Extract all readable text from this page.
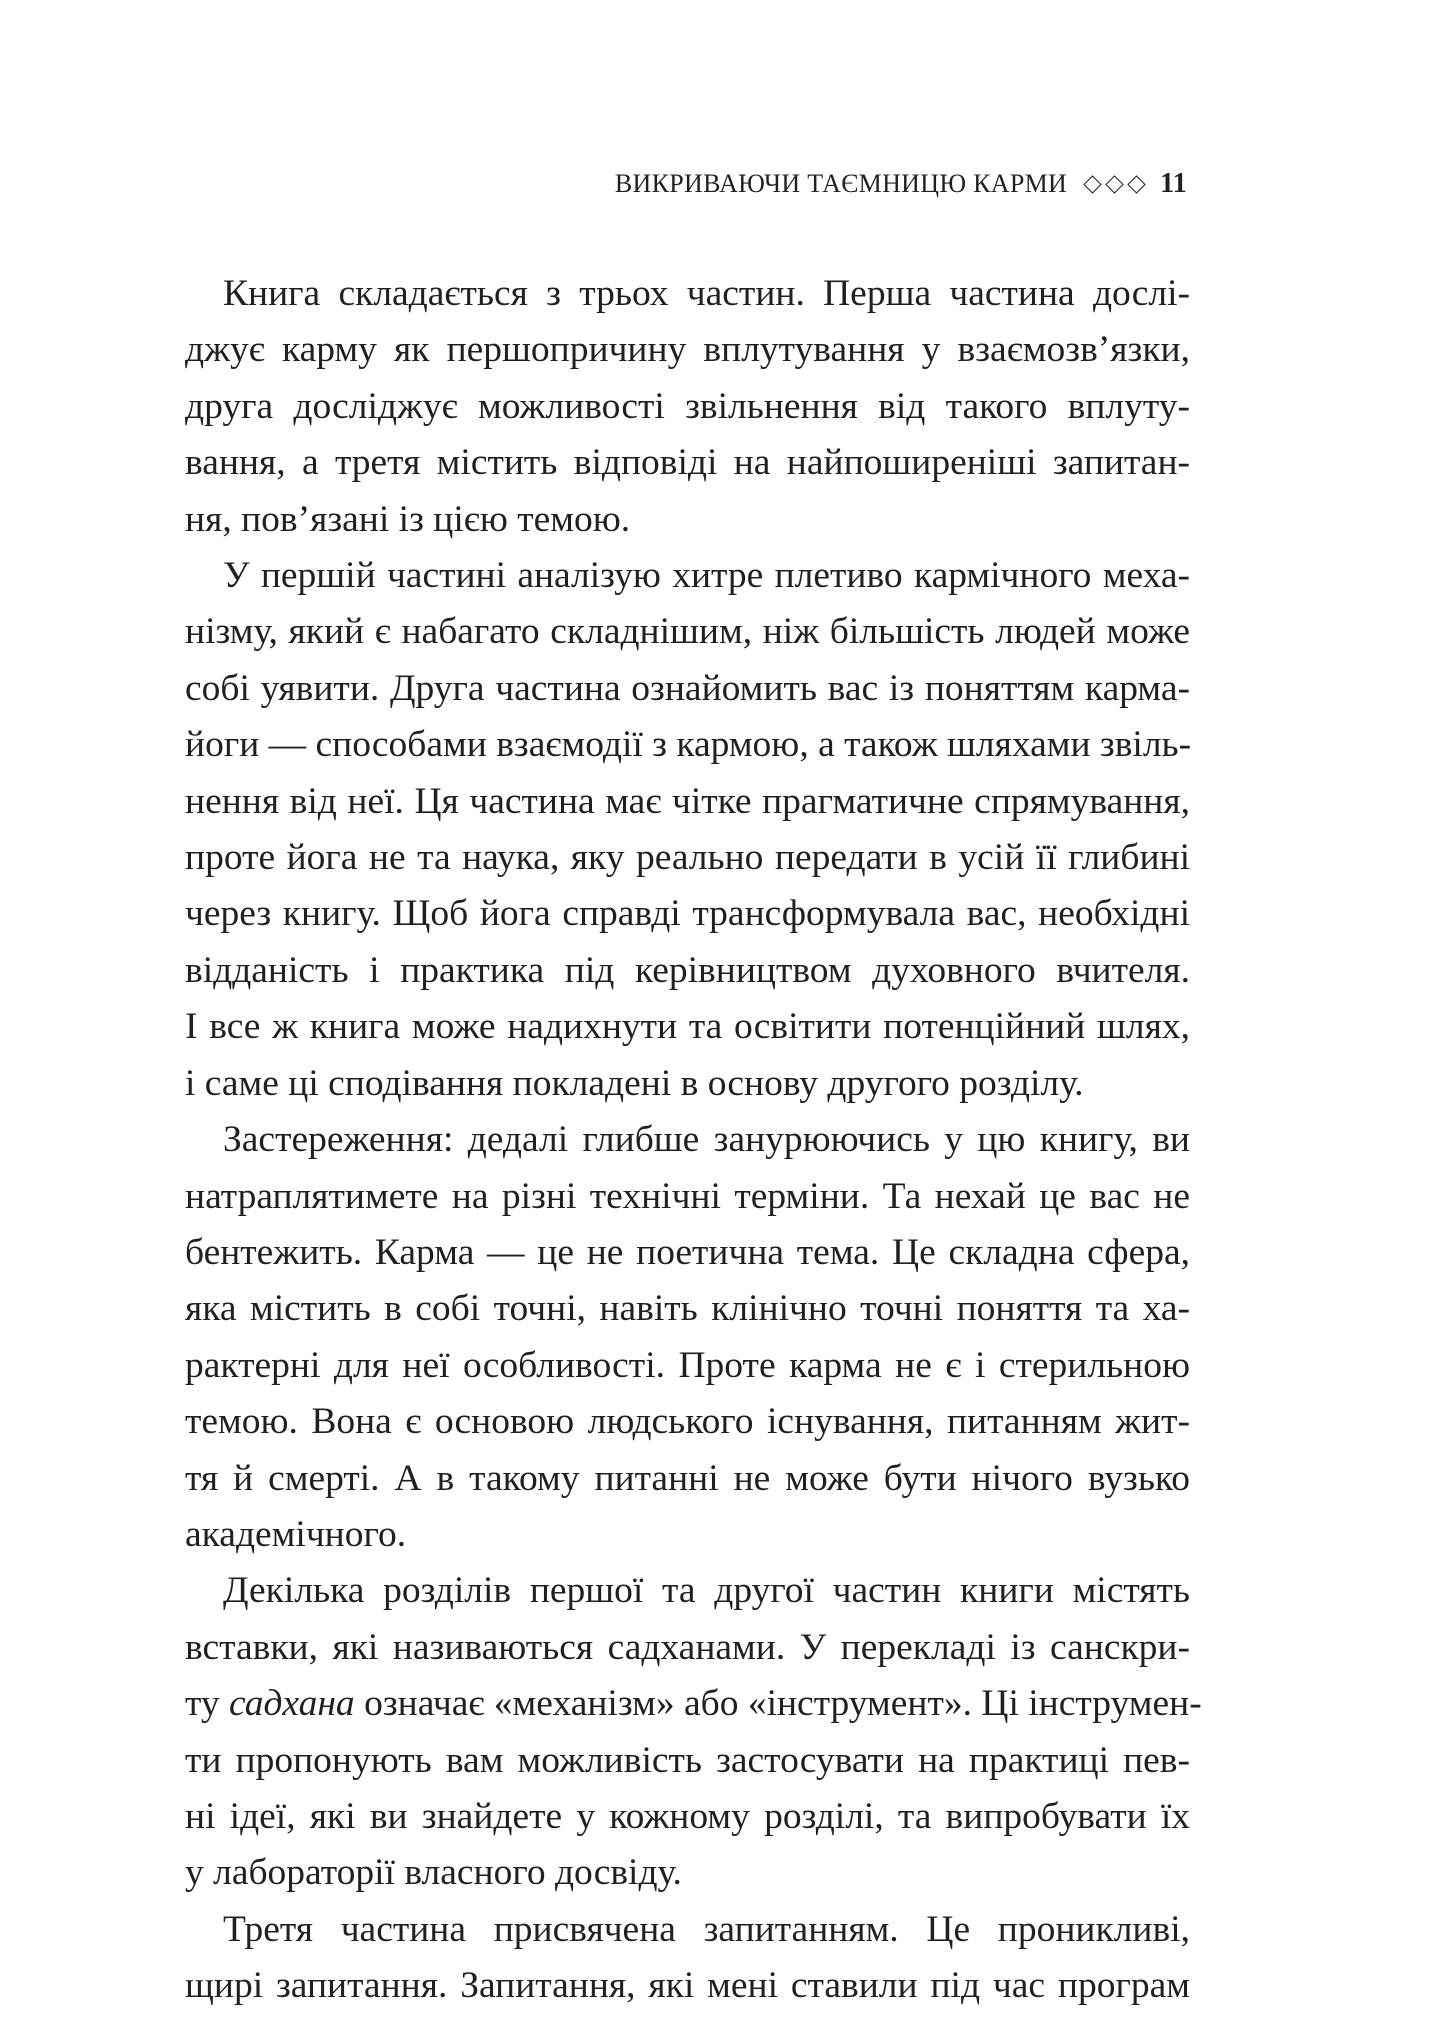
ВИКРИВАЮЧИ ТАЄМНИЦЮ КАРМИ	11
Книга складається з трьох частин. Перша частина дослі-
джує карму як першопричину вплутування у взаємозв’язки,
друга досліджує можливості звільнення від такого вплуту-
вання, а третя містить відповіді на найпоширеніші запитан-
ня, пов’язані із цією темою.
У першій частині аналізую хитре плетиво кармічного меха-
нізму, який є набагато складнішим, ніж більшість людей може
собі уявити. Друга частина ознайомить вас із поняттям карма-
йоги — способами взаємодії з кармою, а також шляхами звіль-
нення від неї. Ця частина має чітке прагматичне спрямування,
проте йога не та наука, яку реально передати в усій її глибині
через книгу. Щоб йога справді трансформувала вас, необхідні
відданість і практика під керівництвом духовного вчителя.
І все ж книга може надихнути та освітити потенційний шлях,
і саме ці сподівання покладені в основу другого розділу.
Застереження: дедалі глибше занурюючись у цю книгу, ви
натраплятимете на різні технічні терміни. Та нехай це вас не
бентежить. Карма — це не поетична тема. Це складна сфера,
яка містить в собі точні, навіть клінічно точні поняття та ха-
рактерні для неї особливості. Проте карма не є і стерильною
темою. Вона є основою людського існування, питанням жит-
тя й смерті. А в такому питанні не може бути нічого вузько
академічного.
Декілька розділів першої та другої частин книги містять
вставки, які називаються садханами. У перекладі із санскри-
ту садхана означає «механізм» або «інструмент». Ці інструмен-
ти пропонують вам можливість застосувати на практиці пев-
ні ідеї, які ви знайдете у кожному розділі, та випробувати їх
у лабораторії власного досвіду.
Третя частина присвячена запитанням. Це проникливі,
щирі запитання. Запитання, які мені ставили під час програм
